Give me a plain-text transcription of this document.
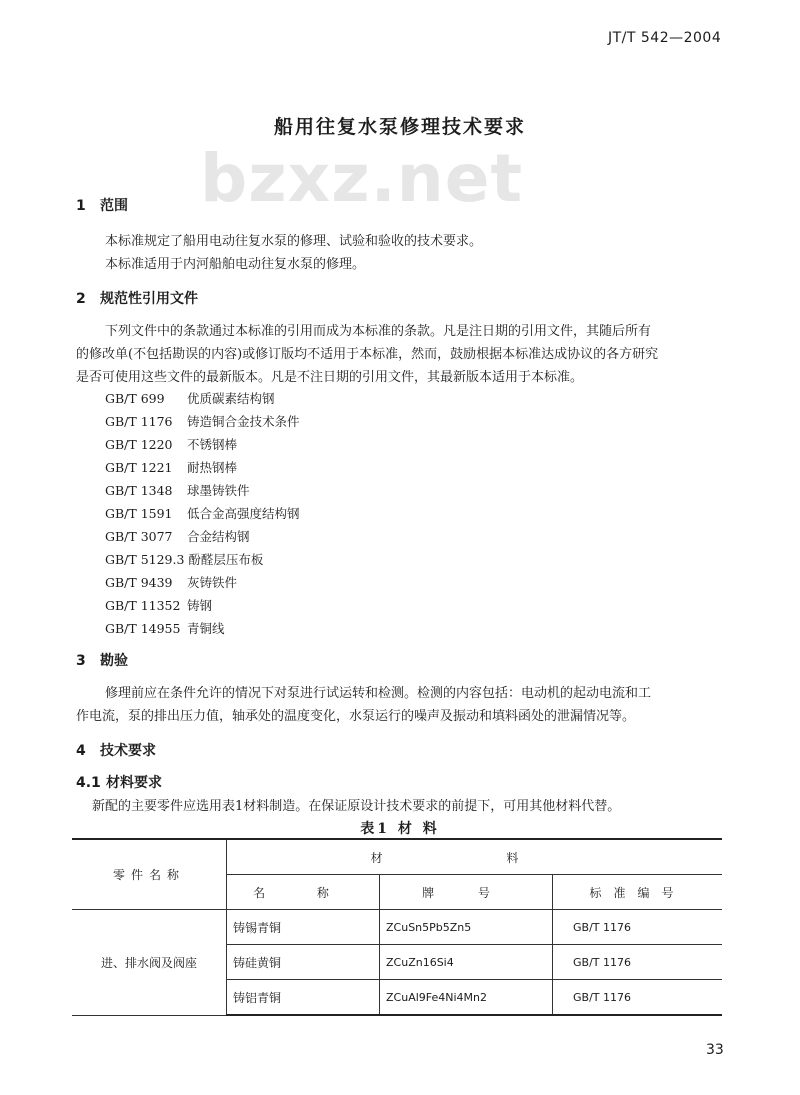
JT/T 542—2004
bzxz.net
船用往复水泵修理技术要求
1 范围
本标准规定了船用电动往复水泵的修理、试验和验收的技术要求。
本标准适用于内河船舶电动往复水泵的修理。
2 规范性引用文件
下列文件中的条款通过本标准的引用而成为本标准的条款。凡是注日期的引用文件，其随后所有
的修改单(不包括勘误的内容)或修订版均不适用于本标准，然而，鼓励根据本标准达成协议的各方研究
是否可使用这些文件的最新版本。凡是不注日期的引用文件，其最新版本适用于本标准。
GB/T 699 优质碳素结构钢
GB/T 1176 铸造铜合金技术条件
GB/T 1220 不锈钢棒
GB/T 1221 耐热钢棒
GB/T 1348 球墨铸铁件
GB/T 1591 低合金高强度结构钢
GB/T 3077 合金结构钢
GB/T 5129.3 酚醛层压布板
GB/T 9439 灰铸铁件
GB/T 11352 铸钢
GB/T 14955 青铜线
3 勘验
修理前应在条件允许的情况下对泵进行试运转和检测。检测的内容包括：电动机的起动电流和工
作电流，泵的排出压力值，轴承处的温度变化，水泵运行的噪声及振动和填料函处的泄漏情况等。
4 技术要求
4.1 材料要求
新配的主要零件应选用表1材料制造。在保证原设计技术要求的前提下，可用其他材料代替。
表1 材 料
零件名称	材 料		
	名 称	牌 号	标准编号
进、排水阀及阀座	铸锡青铜	ZCuSn5Pb5Zn5	GB/T 1176
	铸硅黄铜	ZCuZn16Si4	GB/T 1176
	铸铝青铜	ZCuAl9Fe4Ni4Mn2	GB/T 1176
33
